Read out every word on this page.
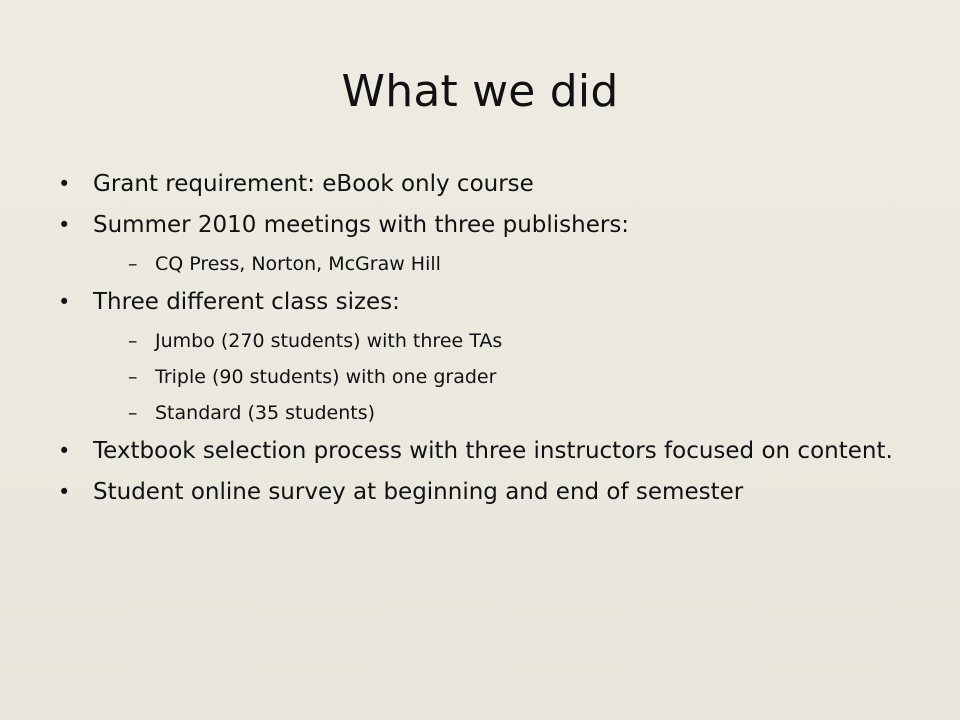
What we did
• Grant requirement: eBook only course
• Summer 2010 meetings with three publishers:
– CQ Press, Norton, McGraw Hill
• Three different class sizes:
– Jumbo (270 students) with three TAs
– Triple (90 students) with one grader
– Standard (35 students)
• Textbook selection process with three instructors focused on content.
• Student online survey at beginning and end of semester
